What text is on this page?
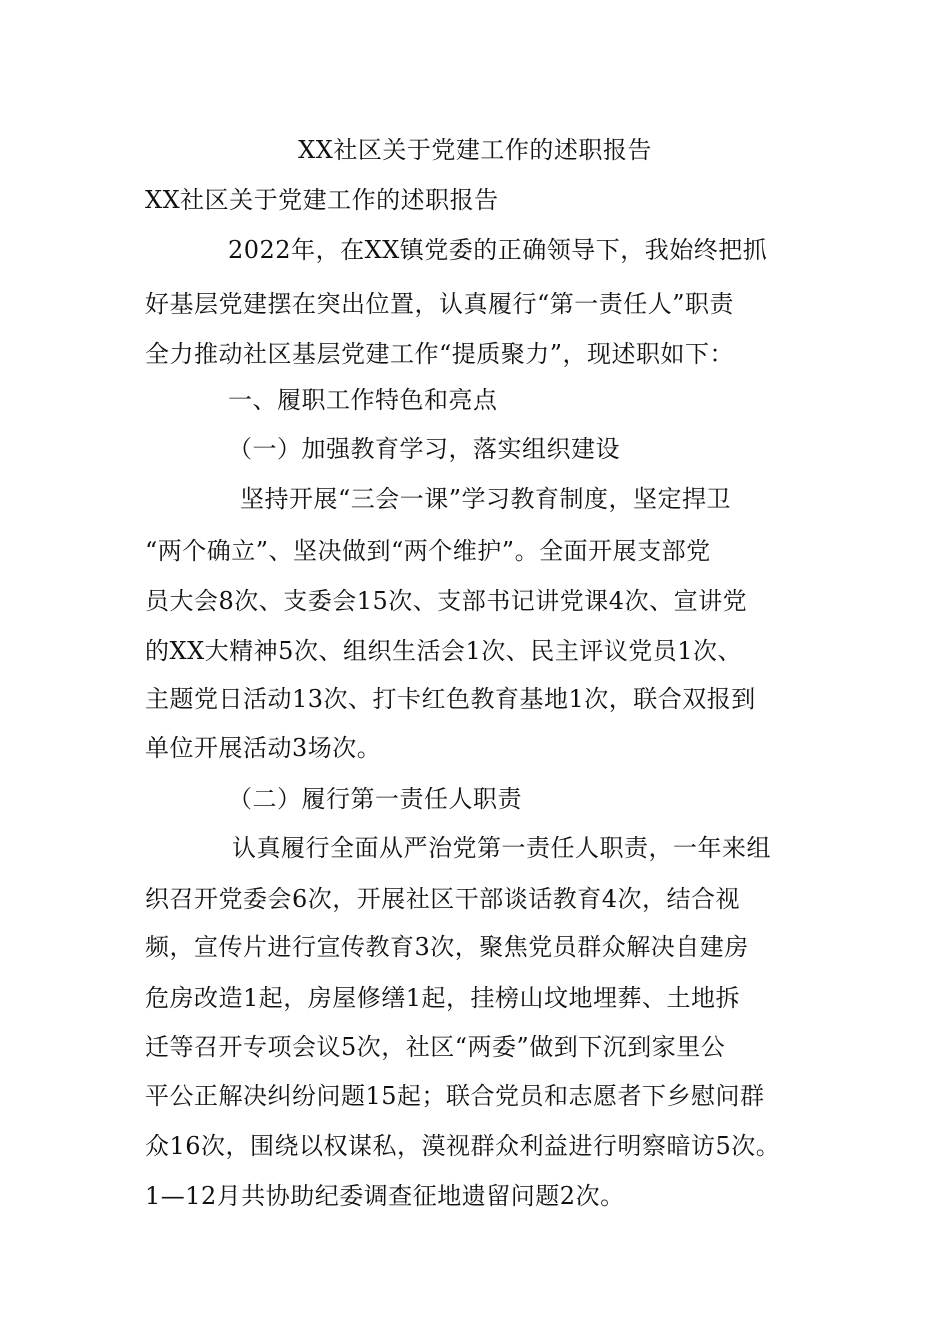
XX社区关于党建工作的述职报告
XX社区关于党建工作的述职报告
2022年，在XX镇党委的正确领导下，我始终把抓
好基层党建摆在突出位置，认真履行“第一责任人”职责
全力推动社区基层党建工作“提质聚力”，现述职如下：
一、履职工作特色和亮点
（一）加强教育学习，落实组织建设
坚持开展“三会一课”学习教育制度，坚定捍卫
“两个确立”、坚决做到“两个维护”。全面开展支部党
员大会8次、支委会15次、支部书记讲党课4次、宣讲党
的XX大精神5次、组织生活会1次、民主评议党员1次、
主题党日活动13次、打卡红色教育基地1次，联合双报到
单位开展活动3场次。
（二）履行第一责任人职责
认真履行全面从严治党第一责任人职责，一年来组
织召开党委会6次，开展社区干部谈话教育4次，结合视
频，宣传片进行宣传教育3次，聚焦党员群众解决自建房
危房改造1起，房屋修缮1起，挂榜山坟地埋葬、土地拆
迁等召开专项会议5次，社区“两委”做到下沉到家里公
平公正解决纠纷问题15起；联合党员和志愿者下乡慰问群
众16次，围绕以权谋私，漠视群众利益进行明察暗访5次。
1—12月共协助纪委调查征地遗留问题2次。
